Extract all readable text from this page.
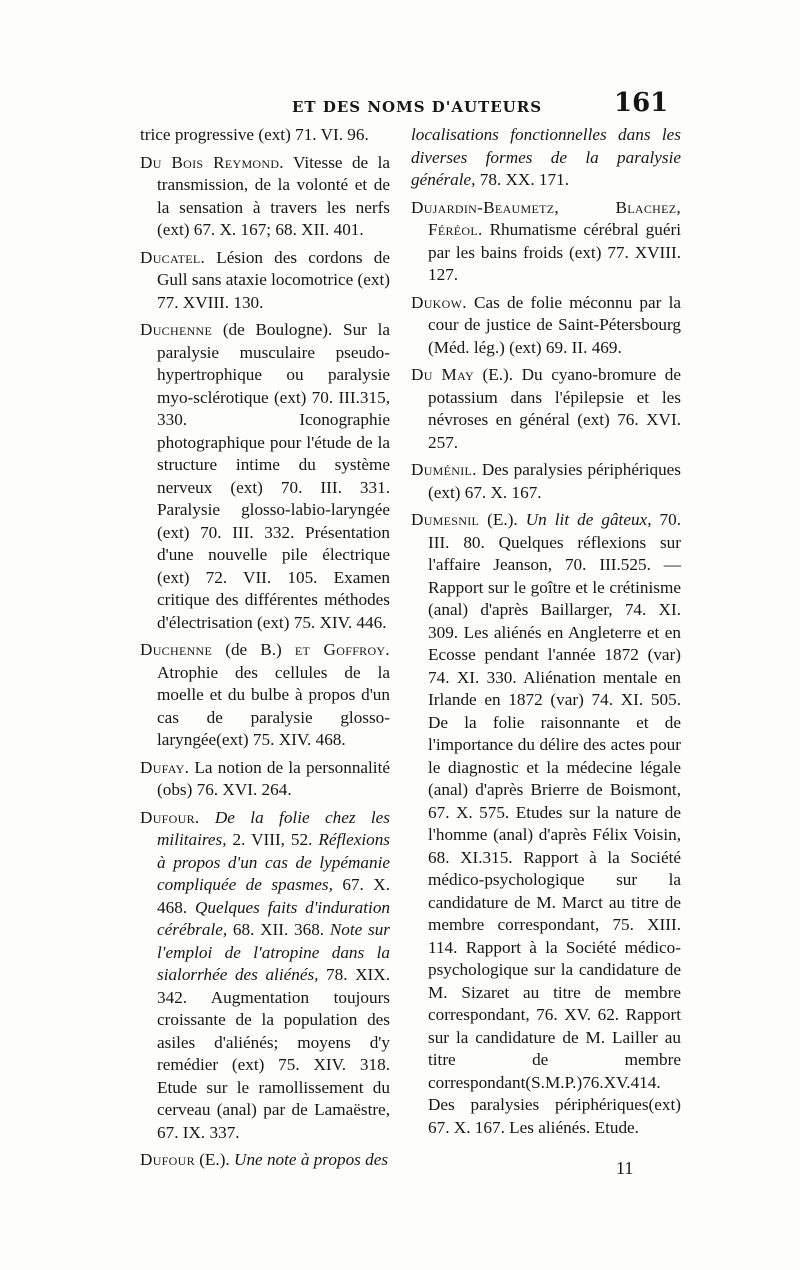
ET DES NOMS D'AUTEURS	161

trice progressive (ext) 71. VI. 96.

Du Bois Reymond. Vitesse de la transmission, de la volonté et de la sensation à travers les nerfs (ext) 67. X. 167; 68. XII. 401.

Ducatel. Lésion des cordons de Gull sans ataxie locomotrice (ext) 77. XVIII. 130.

Duchenne (de Boulogne). Sur la paralysie musculaire pseudo-hypertrophique ou paralysie myo-sclérotique (ext) 70. III.315, 330. Iconographie photographique pour l'étude de la structure intime du système nerveux (ext) 70. III. 331. Paralysie glosso-labio-laryngée (ext) 70. III. 332. Présentation d'une nouvelle pile électrique (ext) 72. VII. 105. Examen critique des différentes méthodes d'électrisation (ext) 75. XIV. 446.

Duchenne (de B.) et Goffroy. Atrophie des cellules de la moelle et du bulbe à propos d'un cas de paralysie glosso-laryngée(ext) 75. XIV. 468.

Dufay. La notion de la personnalité (obs) 76. XVI. 264.

Dufour. De la folie chez les militaires, 2. VIII, 52. Réflexions à propos d'un cas de lypémanie compliquée de spasmes, 67. X. 468. Quelques faits d'induration cérébrale, 68. XII. 368. Note sur l'emploi de l'atropine dans la sialorrhée des aliénés, 78. XIX. 342. Augmentation toujours croissante de la population des asiles d'aliénés; moyens d'y remédier (ext) 75. XIV. 318. Etude sur le ramollissement du cerveau (anal) par de Lamaëstre, 67. IX. 337.

Dufour (E.). Une note à propos des

localisations fonctionnelles dans les diverses formes de la paralysie générale, 78. XX. 171.

Dujardin-Beaumetz, Blachez, Féréol. Rhumatisme cérébral guéri par les bains froids (ext) 77. XVIII. 127.

Dukow. Cas de folie méconnu par la cour de justice de Saint-Pétersbourg (Méd. lég.) (ext) 69. II. 469.

Du May (E.). Du cyano-bromure de potassium dans l'épilepsie et les névroses en général (ext) 76. XVI. 257.

Duménil. Des paralysies périphériques (ext) 67. X. 167.

Dumesnil (E.). Un lit de gâteux, 70. III. 80. Quelques réflexions sur l'affaire Jeanson, 70. III.525. — Rapport sur le goître et le crétinisme (anal) d'après Baillarger, 74. XI. 309. Les aliénés en Angleterre et en Ecosse pendant l'année 1872 (var) 74. XI. 330. Aliénation mentale en Irlande en 1872 (var) 74. XI. 505. De la folie raisonnante et de l'importance du délire des actes pour le diagnostic et la médecine légale (anal) d'après Brierre de Boismont, 67. X. 575. Etudes sur la nature de l'homme (anal) d'après Félix Voisin, 68. XI.315. Rapport à la Société médico-psychologique sur la candidature de M. Marct au titre de membre correspondant, 75. XIII. 114. Rapport à la Société médico-psychologique sur la candidature de M. Sizaret au titre de membre correspondant, 76. XV. 62. Rapport sur la candidature de M. Lailler au titre de membre correspondant(S.M.P.)76.XV.414. Des paralysies périphériques(ext) 67. X. 167. Les aliénés. Etude.

11
